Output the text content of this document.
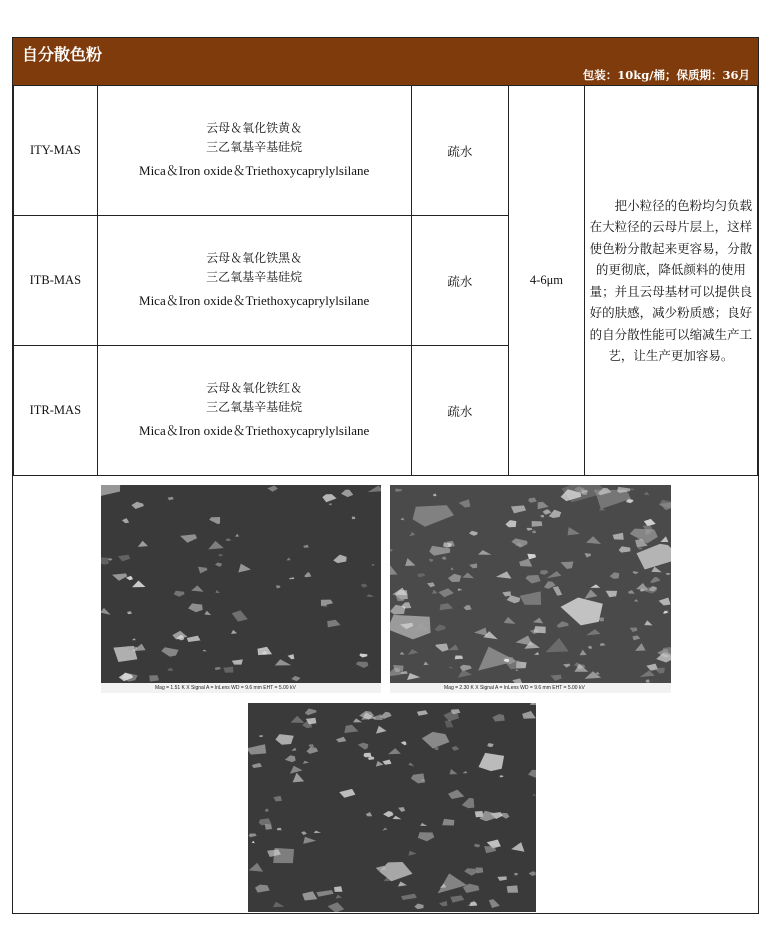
自分散色粉
包装：10kg/桶；保质期：36月
ITY-MAS	云母＆氧化铁黄＆
三乙氧基辛基硅烷
Mica＆Iron oxide＆Triethoxycaprylylsilane	疏水	4-6μm	把小粒径的色粉均匀负载在大粒径的云母片层上，这样使色粉分散起来更容易，分散的更彻底，降低颜料的使用量；并且云母基材可以提供良好的肤感，减少粉质感；良好的自分散性能可以缩减生产工艺，让生产更加容易。
ITB-MAS	云母＆氧化铁黑＆
三乙氧基辛基硅烷
Mica＆Iron oxide＆Triethoxycaprylylsilane	疏水		
ITR-MAS	云母＆氧化铁红＆
三乙氧基辛基硅烷
Mica＆Iron oxide＆Triethoxycaprylylsilane	疏水		
Mag = 1.51 K X Signal A = InLens WD = 9.6 mm EHT = 5.00 kV	Mag = 2.30 K X Signal A = InLens WD = 9.6 mm EHT = 5.00 kV
